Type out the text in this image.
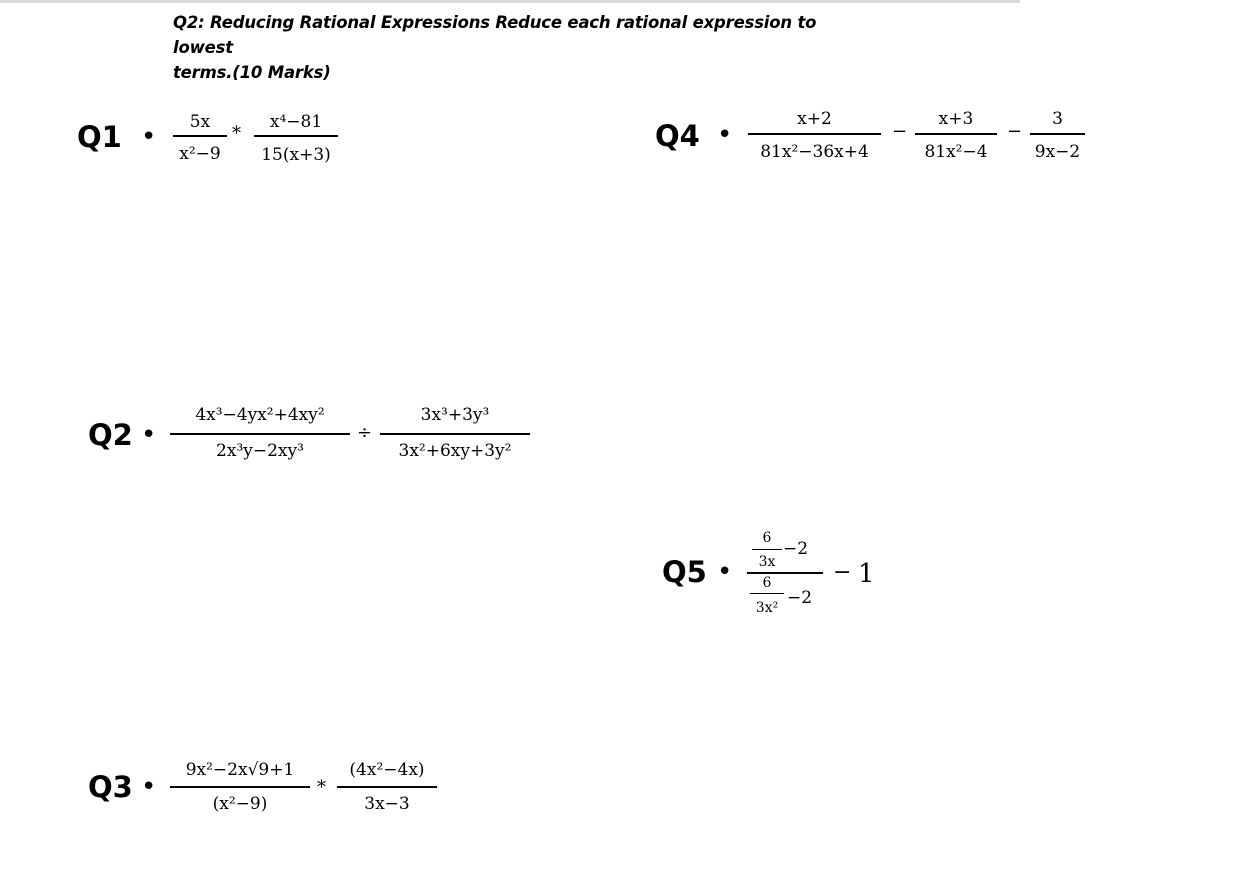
Q2: Reducing Rational Expressions Reduce each rational expression to lowest
terms.(10 Marks)
Q1 •	5x
x²−9
*
x⁴−81
15(x+3)
Q4 •
x+2
81x²−36x+4
−
x+3
81x²−4
−
3
9x−2
Q2 •
4x³−4yx²+4xy²
2x³y−2xy³
÷
3x³+3y³
3x²+6xy+3y²
Q5 •
6
3x
−2
6
3x² −2
− 1
Q3 •
9x²−2x√9+1
(x²−9)
*
(4x²−4x)
3x−3
